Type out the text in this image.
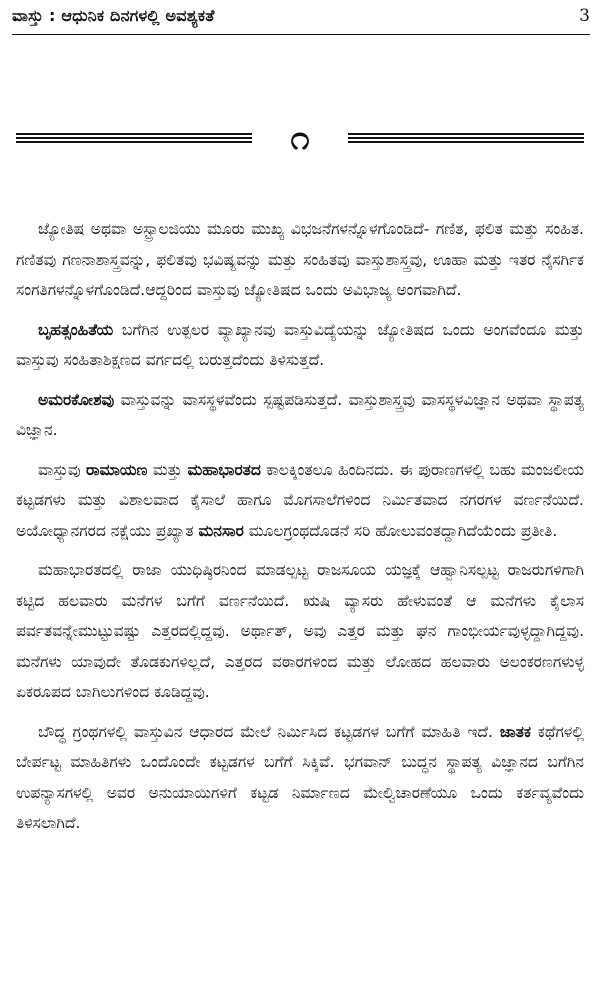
ವಾಸ್ತು : ಆಧುನಿಕ ದಿನಗಳಲ್ಲಿ ಅವಶ್ಯಕತೆ	3
೧

ಜ್ಯೋತಿಷ ಅಥವಾ ಅಸ್ಟ್ರಾಲಜಿಯು ಮೂರು ಮುಖ್ಯ ವಿಭಜನೆಗಳನ್ನೊಳಗೊಂಡಿದೆ- ಗಣಿತ, ಫಲಿತ ಮತ್ತು ಸಂಹಿತ. ಗಣಿತವು ಗಣನಾಶಾಸ್ತ್ರವನ್ನು, ಫಲಿತವು ಭವಿಷ್ಯವನ್ನು ಮತ್ತು ಸಂಹಿತವು ವಾಸ್ತುಶಾಸ್ತ್ರವು, ಊಹಾ ಮತ್ತು ಇತರ ನೈಸರ್ಗಿಕ ಸಂಗತಿಗಳನ್ನೊಳಗೊಂಡಿದೆ.ಆದ್ದರಿಂದ ವಾಸ್ತುವು ಜ್ಯೋತಿಷದ ಒಂದು ಅವಿಭಾಜ್ಯ ಅಂಗವಾಗಿದೆ.

ಬೃಹತ್ಸಂಹಿತೆಯ ಬಗೆಗಿನ ಉತ್ಪಲರ ವ್ಯಾಖ್ಯಾನವು ವಾಸ್ತುವಿದ್ಯೆಯನ್ನು ಜ್ಯೋತಿಷದ ಒಂದು ಅಂಗವೆಂದೂ ಮತ್ತು ವಾಸ್ತುವು ಸಂಹಿತಾಶಿಕ್ಷಣದ ವರ್ಗದಲ್ಲಿ ಬರುತ್ತದೆಂದು ತಿಳಿಸುತ್ತದೆ.

ಅಮರಕೋಶವು ವಾಸ್ತುವನ್ನು ವಾಸಸ್ಥಳವೆಂದು ಸ್ಪಷ್ಟಪಡಿಸುತ್ತದೆ. ವಾಸ್ತುಶಾಸ್ತ್ರವು ವಾಸಸ್ಥಳವಿಜ್ಞಾನ ಅಥವಾ ಸ್ಥಾಪತ್ಯ ವಿಜ್ಞಾನ.

ವಾಸ್ತುವು ರಾಮಾಯಣ ಮತ್ತು ಮಹಾಭಾರತದ ಕಾಲಕ್ಕಿಂತಲೂ ಹಿಂದಿನದು. ಈ ಪುರಾಣಗಳಲ್ಲಿ ಬಹು ಮಂಜಲೀಯ ಕಟ್ಟಡಗಳು ಮತ್ತು ವಿಶಾಲವಾದ ಕೈಸಾಲೆ ಹಾಗೂ ಮೊಗಸಾಲೆಗಳಿಂದ ನಿರ್ಮಿತವಾದ ನಗರಗಳ ವರ್ಣನೆಯಿದೆ. ಅಯೋಧ್ಯಾನಗರದ ನಕ್ಷೆಯು ಪ್ರಖ್ಯಾತ ಮನಸಾರ ಮೂಲಗ್ರಂಥದೊಡನೆ ಸರಿ ಹೋಲುವಂತದ್ದಾಗಿದೆಯೆಂದು ಪ್ರತೀತಿ.

ಮಹಾಭಾರತದಲ್ಲಿ ರಾಜಾ ಯುಧಿಷ್ಠಿರನಿಂದ ಮಾಡಲ್ಪಟ್ಟ ರಾಜಸೂಯ ಯಜ್ಞಕ್ಕೆ ಆಹ್ವಾನಿಸಲ್ಪಟ್ಟ ರಾಜರುಗಳಿಗಾಗಿ ಕಟ್ಟಿದ ಹಲವಾರು ಮನೆಗಳ ಬಗೆಗೆ ವರ್ಣನೆಯಿದೆ. ಋಷಿ ವ್ಯಾಸರು ಹೇಳುವಂತೆ ಆ ಮನೆಗಳು ಕೈಲಾಸ ಪರ್ವತವನ್ನೇಮುಟ್ಟುವಷ್ಟು ಎತ್ತರದಲ್ಲಿದ್ದವು. ಅರ್ಥಾತ್, ಅವು ಎತ್ತರ ಮತ್ತು ಘನ ಗಾಂಭೀರ್ಯವುಳ್ಳದ್ದಾಗಿದ್ದವು. ಮನೆಗಳು ಯಾವುದೇ ತೊಡಕುಗಳಿಲ್ಲದೆ, ಎತ್ತರದ ವಠಾರಗಳಿಂದ ಮತ್ತು ಲೋಹದ ಹಲವಾರು ಅಲಂಕರಣಗಳುಳ್ಳ ಏಕರೂಪದ ಬಾಗಿಲುಗಳಿಂದ ಕೂಡಿದ್ದವು.

ಬೌದ್ಧ ಗ್ರಂಥಗಳಲ್ಲಿ ವಾಸ್ತುವಿನ ಆಧಾರದ ಮೇಲೆ ನಿರ್ಮಿಸಿದ ಕಟ್ಟಡಗಳ ಬಗೆಗೆ ಮಾಹಿತಿ ಇದೆ. ಜಾತಕ ಕಥೆಗಳಲ್ಲಿ ಬೇರ್ಪಟ್ಟ ಮಾಹಿತಿಗಳು ಒಂದೊಂದೇ ಕಟ್ಟಡಗಳ ಬಗೆಗೆ ಸಿಕ್ಕಿವೆ. ಭಗವಾನ್ ಬುದ್ಧನ ಸ್ಥಾಪತ್ಯ ವಿಜ್ಞಾನದ ಬಗೆಗಿನ ಉಪನ್ಯಾಸಗಳಲ್ಲಿ ಅವರ ಅನುಯಾಯಿಗಳಿಗೆ ಕಟ್ಟಡ ನಿರ್ಮಾಣದ ಮೇಲ್ವಿಚಾರಣೆಯೂ ಒಂದು ಕರ್ತವ್ಯವೆಂದು ತಿಳಿಸಲಾಗಿದೆ.
